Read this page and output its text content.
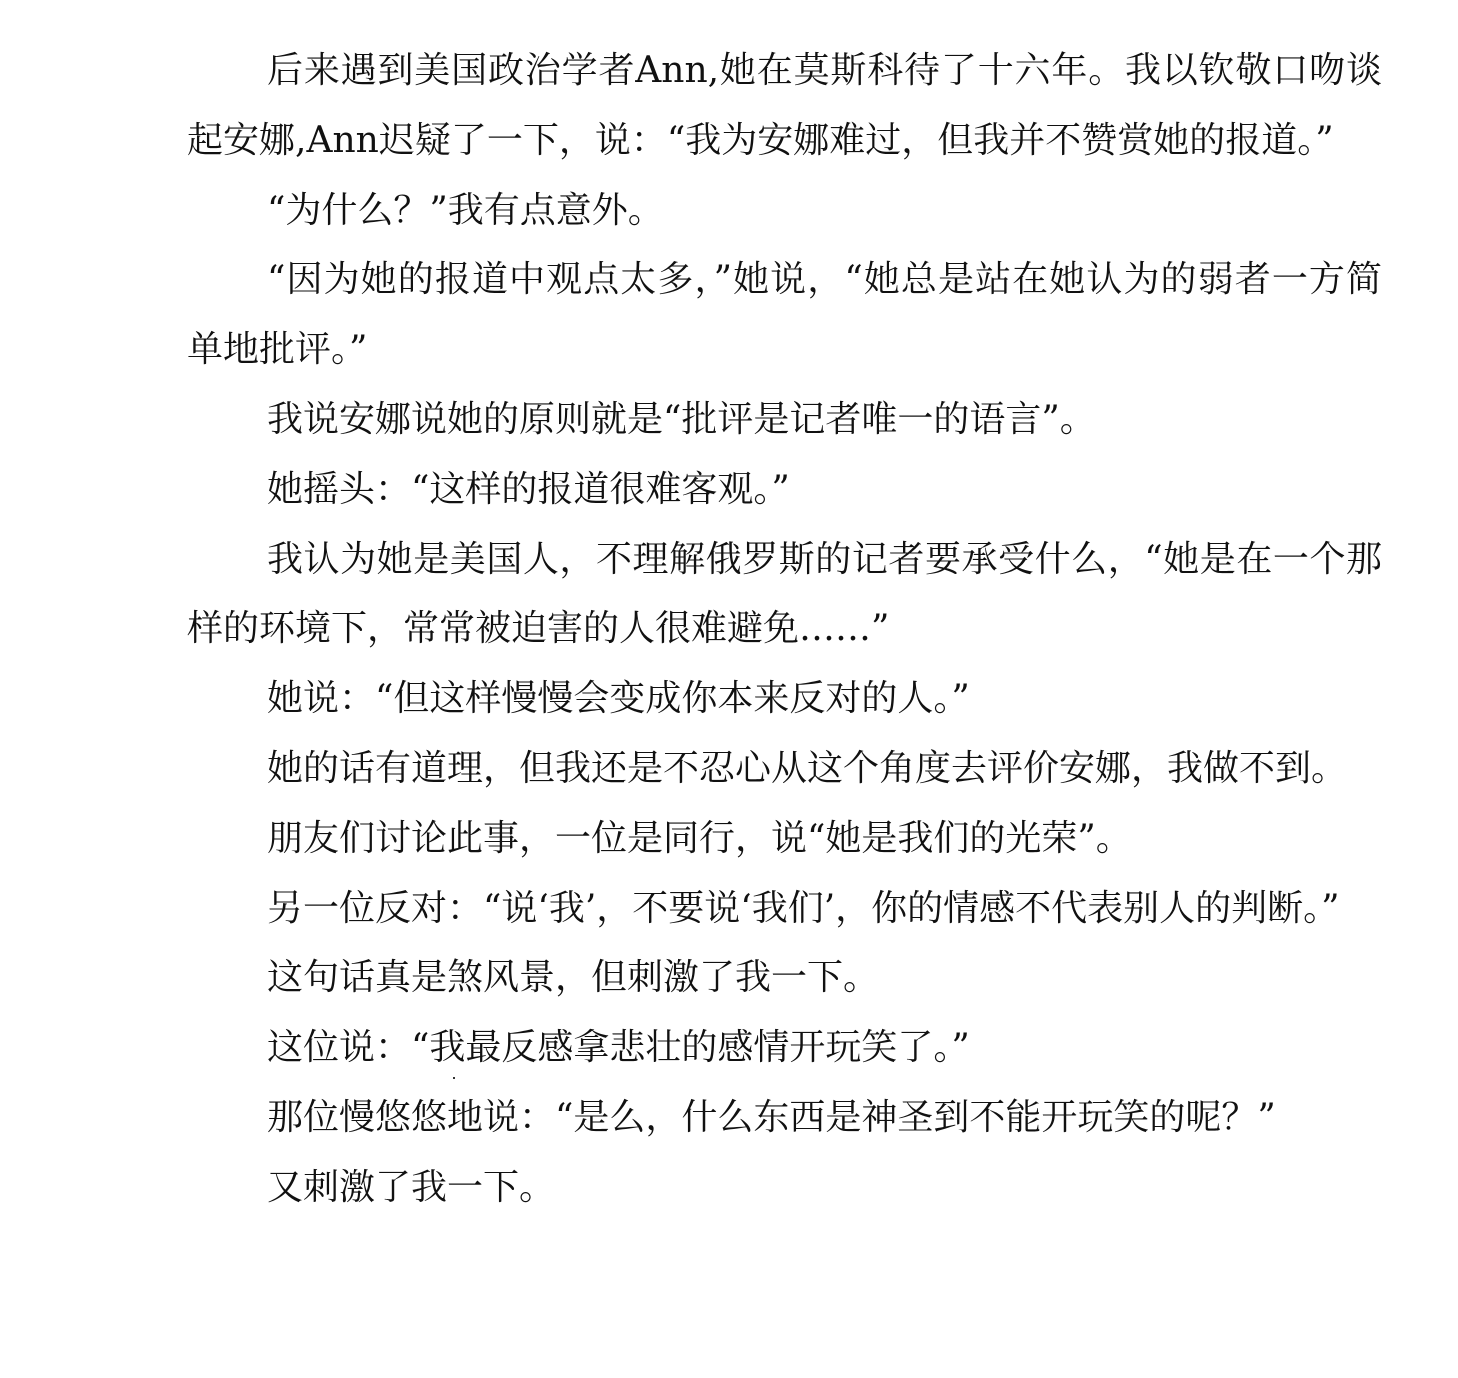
后来遇到美国政治学者Ann,她在莫斯科待了十六年。我以钦敬口吻谈起安娜,Ann迟疑了一下，说：“我为安娜难过，但我并不赞赏她的报道。”

“为什么？”我有点意外。

“因为她的报道中观点太多，”她说，“她总是站在她认为的弱者一方简单地批评。”

我说安娜说她的原则就是“批评是记者唯一的语言”。

她摇头：“这样的报道很难客观。”

我认为她是美国人，不理解俄罗斯的记者要承受什么，“她是在一个那样的环境下，常常被迫害的人很难避免……”

她说：“但这样慢慢会变成你本来反对的人。”

她的话有道理，但我还是不忍心从这个角度去评价安娜，我做不到。

朋友们讨论此事，一位是同行，说“她是我们的光荣”。

另一位反对：“说‘我’，不要说‘我们’，你的情感不代表别人的判断。”

这句话真是煞风景，但刺激了我一下。

这位说：“我最反感拿悲壮的感情开玩笑了。”

那位慢悠悠地说：“是么，什么东西是神圣到不能开玩笑的呢？”

又刺激了我一下。
